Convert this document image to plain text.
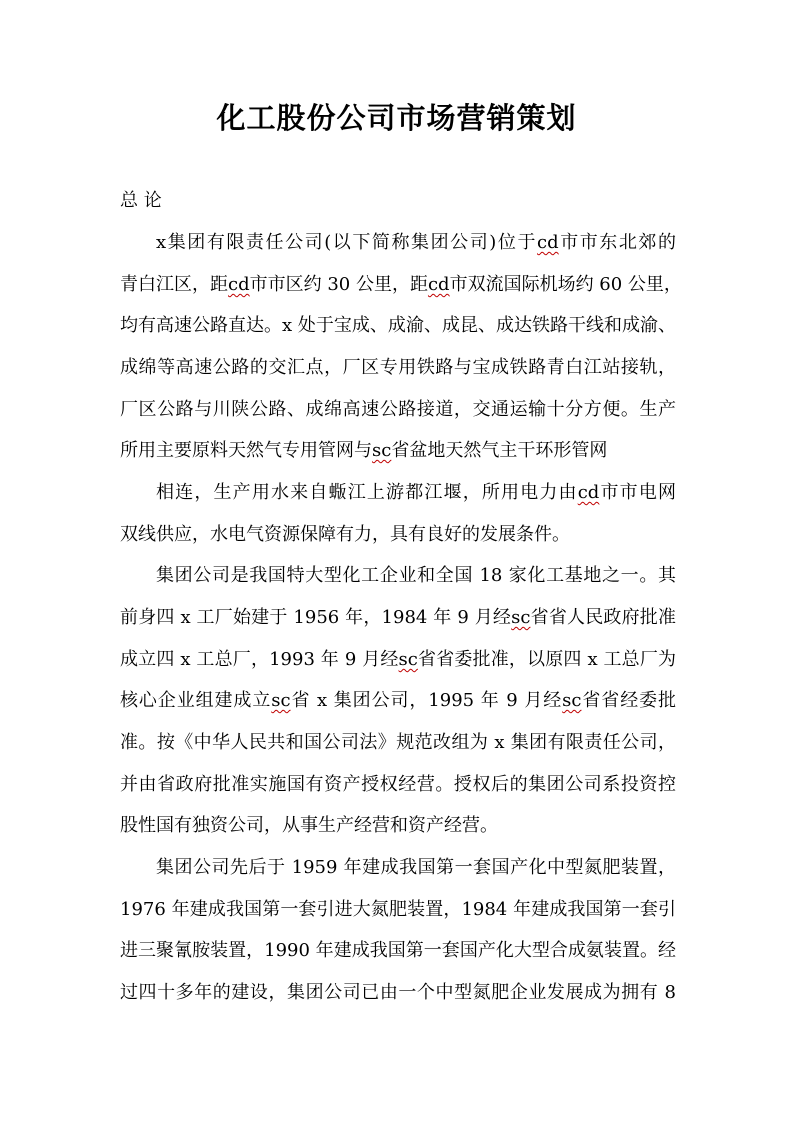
化工股份公司市场营销策划

总 论

x集团有限责任公司(以下简称集团公司)位于cd市市东北郊的

青白江区，距cd市市区约 30 公里，距cd市双流国际机场约 60 公里，

均有高速公路直达。x 处于宝成、成渝、成昆、成达铁路干线和成渝、

成绵等高速公路的交汇点，厂区专用铁路与宝成铁路青白江站接轨，

厂区公路与川陕公路、成绵高速公路接道，交通运输十分方便。生产

所用主要原料天然气专用管网与sc省盆地天然气主干环形管网

相连，生产用水来自蝂江上游都江堰，所用电力由cd市市电网

双线供应，水电气资源保障有力，具有良好的发展条件。

集团公司是我国特大型化工企业和全国 18 家化工基地之一。其

前身四 x 工厂始建于 1956 年，1984 年 9 月经sc省省人民政府批准

成立四 x 工总厂，1993 年 9 月经sc省省委批准，以原四 x 工总厂为

核心企业组建成立sc省 x 集团公司，1995 年 9 月经sc省省经委批

准。按《中华人民共和国公司法》规范改组为 x 集团有限责任公司，

并由省政府批准实施国有资产授权经营。授权后的集团公司系投资控

股性国有独资公司，从事生产经营和资产经营。

集团公司先后于 1959 年建成我国第一套国产化中型氮肥装置，

1976 年建成我国第一套引进大氮肥装置，1984 年建成我国第一套引

进三聚氰胺装置，1990 年建成我国第一套国产化大型合成氨装置。经

过四十多年的建设，集团公司已由一个中型氮肥企业发展成为拥有 8
